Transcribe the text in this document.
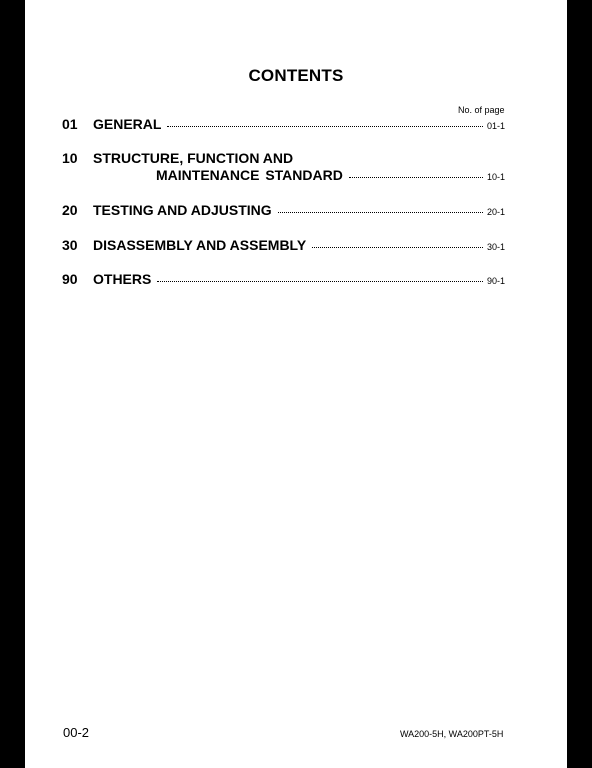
CONTENTS
No. of page
01 GENERAL	01-1
10 STRUCTURE, FUNCTION AND
MAINTENANCE STANDARD	10-1
20 TESTING AND ADJUSTING	20-1
30 DISASSEMBLY AND ASSEMBLY	30-1
90 OTHERS	90-1
00-2	WA200-5H, WA200PT-5H
